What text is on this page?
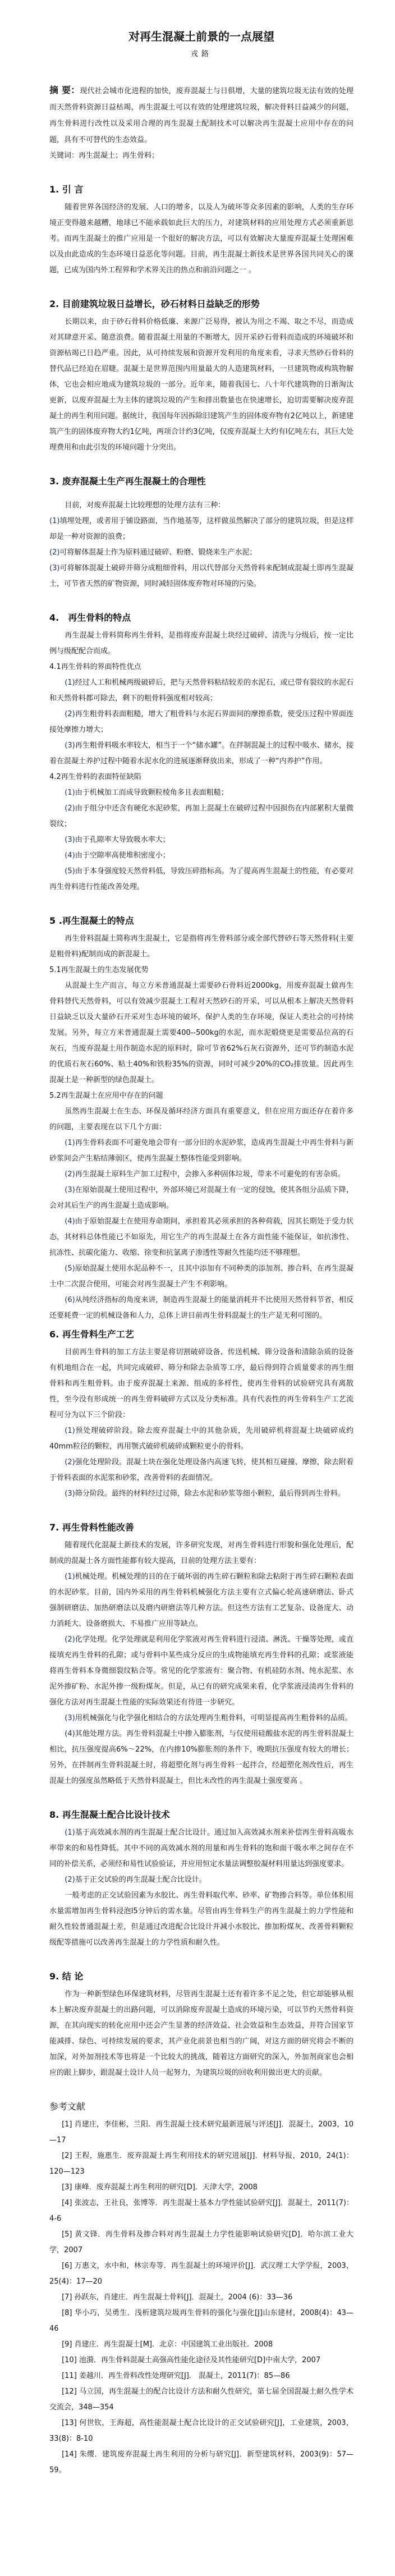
对再生混凝土前景的一点展望
戎路
摘 要：现代社会城市化进程的加快，废弃混凝土与日俱增，大量的建筑垃圾无法有效的处理而天然骨料资源日益枯竭，再生混凝土可以有效的处理建筑垃圾，解决骨料日益减少的问题，再生骨料进行改性以及采用合理的再生混凝土配制技术可以解决再生混凝土应用中存在的问题，具有不可替代的生态效益。
关键词：再生混凝土；再生骨料；
1. 引 言
随着世界各国经济的发展、人口的增多，以及人为破坏等众多因素的影响，人类的生存环境正变得越来越糟，地球已不能承载如此巨大的压力，对建筑材料的应用处理方式必须重新思考。而再生混凝土的推广应用是一个很好的解决方法，可以有效解决大量废弃混凝土处理困难以及由此造成的生态环境日益恶化等问题。目前，再生混凝土新技术是世界各国共同关心的课题，已成为国内外工程界和学术界关注的热点和前沿问题之一 。
2. 目前建筑垃圾日益增长，砂石材料日益缺乏的形势
长期以来，由于砂石骨料价格低廉、来源广泛易得，被认为用之不竭、取之不尽，而造成对其肆意开采、随意浪费。随着混凝土用量的不断增大，因开采砂石骨料而造成的环境破坏和资源枯竭已日趋严重。因此，从可持续发展和资源开发利用的角度来看，寻求天然砂石骨料的替代品已经迫在眉睫。混凝土是世界范围内用量最大的人造建筑材料，一旦建筑物或构筑物解体，它也会相应地成为建筑垃圾的一部分。近年来，随着我国七、八十年代建筑物的日渐淘汰更新，以废弃混凝土为主体的建筑垃圾的产生和排出数量也在快速增长，迫切需要解决废弃混凝土的再生利用问题。据统计，我国每年因拆除旧建筑产生的固体废弃物有2亿吨以上，新建建筑产生的固体废弃物大约1亿吨，两项合计约3亿吨，仅废弃混凝土大约有l亿吨左右，其巨大处理费用和由此引发的环境问题十分突出。
3. 废弃混凝土生产再生混凝土的合理性
目前，对废弃混凝土比较理想的处理方法有三种：
(1)填埋处理，或者用于铺设路面，当作地基等，这样做虽然解决了部分的建筑垃圾，但是这样却是一种对资源的浪费；
(2)可将解体混凝土作为原料通过破碎、粉磨、锻烧来生产水泥；
(3)可将解体混凝土破碎并筛分成粗细骨料，用以代替部分天然骨料来配制成混凝土即再生混凝土，可节省天然的矿物资源，同时减轻固体废弃物对环境的污染。
4.　再生骨料的特点
再生混凝土骨料简称再生骨料，是指将废弃混凝土块经过破碎、清洗与分级后，按一定比例与级配配合而成。
4.1再生骨料的界面特性优点
(1)经过人工和机械两级破碎后，把与天然骨料粘结较差的水泥石，或已带有裂纹的水泥石和天然骨料都可除去，剩下的粗骨料强度相对较高；
(2)再生粗骨料表面粗糙，增大了粗骨料与水泥石界面间的摩擦系数，使受压过程中界面连接处摩擦力增大；
(3)再生粗骨料吸水率较大，相当于一个“储水罐”。在拌制混凝土的过程中吸水、储水，接着在混凝土养护过程中随着水泥水化的进展逐渐释放出来，形成了一种“内养护”作用。
4.2再生骨料的表面特征缺陷
(1)由于机械加工而成导致颗粒棱角多且表面粗糙；
(2)由于组分中还含有硬化水泥砂浆，再加上混凝土在破碎过程中因损伤在内部累积大量微裂纹；
(3)由于孔隙率大导致吸水率大；
(4)由于空隙率高使堆积密度小；
(5)由于本身强度较天然骨料低，导致压碎指标高。为了提高再生混凝土的性能，有必要对再生骨料进行性能改善处理。
5 .再生混凝土的特点
再生骨料混凝土简称再生混凝土，它是指将再生骨料部分或全部代替砂石等天然骨料(主要是粗骨料)配制而成的新混凝土。
5.1再生混凝土的生态发展优势
从混凝土生产而言，每立方米普通混凝土需要砂石骨料近2000kg，用废弃混凝土做再生骨料替代天然骨料，可以有效减少混凝土工程对天然砂石的开采，可以从根本上解决天然骨料日益缺乏以及大量砂石开采对生态环境的破坏，保护人类的生存环境，保证人类社会的可持续发展。另外，每立方米普通混凝土需要400--500kg的水泥，而水泥煅烧更是需要品位高的石灰石，当废弃混凝土用作制造水泥的原料时，除可节省62%石灰石资源外，还可节约制造水泥的优质石灰石60%、粘土40%和铁粉35%的资源，同时可减少20%的CO₂排放量。因此再生混凝土是一种新型的绿色混凝土。
5.2再生混凝土在应用中存在的问题
虽然再生混凝土在生态、环保及循环经济方面具有重要意义，但在应用方面还存在着许多的问题，主要表现在以下几个方面：
(1)再生骨料表面不可避免地会带有一部分旧的水泥砂浆，造成再生混凝土中再生骨料与新砂浆间会产生粘结薄弱区，使再生混凝土整体性能受到影响。
(2)再生混凝土原料生产加工过程中，会掺入多种固体垃圾，带来不可避免的有害杂质。
(3)在原始混凝土使用过程中，外部环境已对混凝土有一定的侵蚀，使其各组分品质下降，会对其后生产的再生混凝土造成影响。
(4)由于原始混凝土在使用寿命期间，承担着其必须承担的各种荷载，因其长期处于受力状态，其材料总体性能已不如原先，用它生产的再生混凝土在各方面性能不能保证，如抗渗性、抗冻性、抗碳化能力、收缩、徐变和抗氯离子渗透性等耐久性能均还不够理想。
(5)原始混凝土使用水泥品种不一，且其中添加有不同种类的添加剂、掺合料，在再生混凝土中二次混合使用，可能会对再生混凝土产生不利影响。
(6)从纯经济指标的角度来讲，制造再生混凝土的能量消耗并不比使用天然骨料节省，相反还要耗费一定的机械设备和人力，总体上讲目前再生骨料混凝土的生产是无利可图的。
6. 再生骨料生产工艺
目前再生骨料的加工方法主要是将切割破碎设备、传送机械、筛分设备和清除杂质的设备有机地组合在一起，共同完成破碎、筛分和除去杂质等工序，最后得到符合质量要求的再生细骨料和再生粗骨料。由于废弃混凝土来源、组成的多样性，使再生骨料的试验研究具有离散性，至今没有形成统一的再生骨料破碎方式以及分类标准。具有代表性的再生骨料生产工艺流程可分为以下三个阶段：
(1)预处理破碎阶段。除去废弃混凝土中的其他杂质，先用破碎机将混凝土块破碎成约40mm粒径的颗粒，再用颚式破碎机破碎成颗粒更小的骨料。
(2)强化处理阶段。混凝土块在强化处理设备内高速飞转，使其相互碰撞、摩擦，除去附着于骨料表面的水泥浆和砂浆，改善骨料的表面情况。
(3)筛分阶段。最终的材料经过过筛，除去水泥和砂浆等细小颗粒，最后得到再生骨料。
7. 再生骨料性能改善
随着现代化混凝土新技术的发展，许多研究发现，对再生骨料进行形貌和强化处理后，配制成的混凝土各方面性能都有较大提高，目前的处理方法主要有：
(1)机械处理。机械处理的目的在于破坏弱的再生碎石颗粒和除去粘附于再生碎石颗粒表面的水泥砂浆。目前，国内外采用的再生骨料机械强化方法主要有立式偏心轮高速研磨法、卧式强制研磨法、加热研磨法以及磨内研磨法等几种方法。但这些方法有工艺复杂、设备庞大、动力消耗大、设备磨损大、不易推广应用等缺点。
(2)化学处理。化学处理就是利用化学浆液对再生骨料进行浸渍、淋洗、干燥等处理，或直接填充再生骨料的孔隙；或与骨料中某些成分反应的生成物能填充再生骨料的孔隙；或浆液能将再生骨料本身微细裂纹粘合等。常见的化学浆液有：聚合物、有机硅防水剂、纯水泥浆、水泥外掺矿粉、水泥外掺一级粉煤灰。但是，从已有的研究成果来看，化学浆液浸渍再生骨料的强化方法对再生混凝土性能的实际效果还有待进一步研究。
(3)用机械强化与化学强化相结合的方法处理再生粗骨料，可明显提高再生粗骨料的品质。
(4)其他处理方法。再生骨料混凝土中掺入膨胀剂，与仅使用硅酸盐水泥的再生骨料混凝土相比，抗压强度提高6%～22%，在内掺10%膨胀剂的条件下，晚期抗压强度有较大的增长；另外，在拌制再生骨料混凝土时，将超塑化剂与再生骨料一起拌合，经超塑化剂改性后，再生混凝土的强度虽然略低于天然骨料混凝土，但比未改性的再生混凝土强度要高 。
8. 再生混凝土配合比设计技术
(1)基于高效减水剂的再生混凝土配合比设计。通过加入高效减水剂来补偿再生骨料高吸水率带来的和易性降低。其中不同的高效减水剂的用量和再生骨料的饱和面干吸水率之间存在不同的补偿关系，必须经和易性试验验证，并应用恒定水量法调整胶凝材料用量达到强度要求。
(2)基于正交试验的再生混凝土配合比设计。
一般考虑的正交试验因素为水胶比、再生骨料取代率、砂率、矿物掺合料等。单位体积用水量需增加再生骨料浸泡l5分钟后的需水量。尽管由再生骨料生产的再生混凝土的力学性能和耐久性较普通混凝土差，但是通过改进配合比设计并减小水胶比、掺加粉煤灰、改善骨料颗粒级配等措施可以改善再生混凝土的力学性质和耐久性。
9. 结 论
作为一种新型绿色环保建筑材料，尽管再生混凝土还有着许多不足之处，但它却能够从根本上解决废弃混凝土的出路问题，可以消除废弃混凝土造成的环境污染，可以节约天然骨料资源，在其向现实的转化应用中还会产生显著的经济效益、社会效益和生态效益，并符合国家节能减排、绿色、可持续发展的要求，其产业化前景也相当的广阔，对这方面的研究将会不断的加深，对外加剂技术等也将是一个比较大的挑战，随着这方面研究的深入，外加剂商家也会相应的跟上脚步，跟混凝土设计人员一起努力，为建筑垃圾的回收利用做出更大的贡献。
参考文献
[1] 肖建庄，李佳彬，兰阳．再生混凝土技术研究最新进展与评述[J]．混凝土，2003，10—17
[2] 王程，施惠生．废弃混凝土再生利用技术的研究进展[J]．材料导报，2010，24(1)：120—123
[3] 康峰．废弃混凝土再生利用的研究[D]．天津大学，2008
[4] 张波志，王社良，张博等．再生混凝土基本力学性能试验研究[J]．混凝土，2011(7)：4-6
[5] 黄文锋．再生骨料及掺合料对再生混凝土力学性能影响试验研究[D]．哈尔滨工业大学，2007
[6] 万惠文，水中和，林宗寿等．再生混凝土的环境评价[J]．武汉理工大学学报，2003，25(4)：17—20
[7] 孙跃东，肖建庄．再生混凝土骨料[J]．混凝土，2004 (6)：33—36
[8] 华小巧，吴勇生．浅析建筑垃圾再生骨料的强化与强化[J]山东建材，2008(4)：43—46
[9] 肖建庄．再生混凝土[M]．北京：中国建筑工业出版社．2008
[10] 池漪．再生骨料混凝土高强高性能化途径及其性能研究[D]中南大学，2007
[11] 姜越川．再生骨料改性处理研究[J]． 混凝土，2011(7)：85—86
[12] 马立国，再生混凝土的配合比设计方法和耐久性研究，第七届全国混凝土耐久性学术交流会，348—354
[13] 何世钦，王海超，高性能混凝土配合比设计的正交试验研究[J]，工业建筑，2003，33(8)：8-10
[14] 朱缨．建筑废弃混凝土再生利用的分析与研究[J]．新型建筑材料，2003(9)：57—59。
